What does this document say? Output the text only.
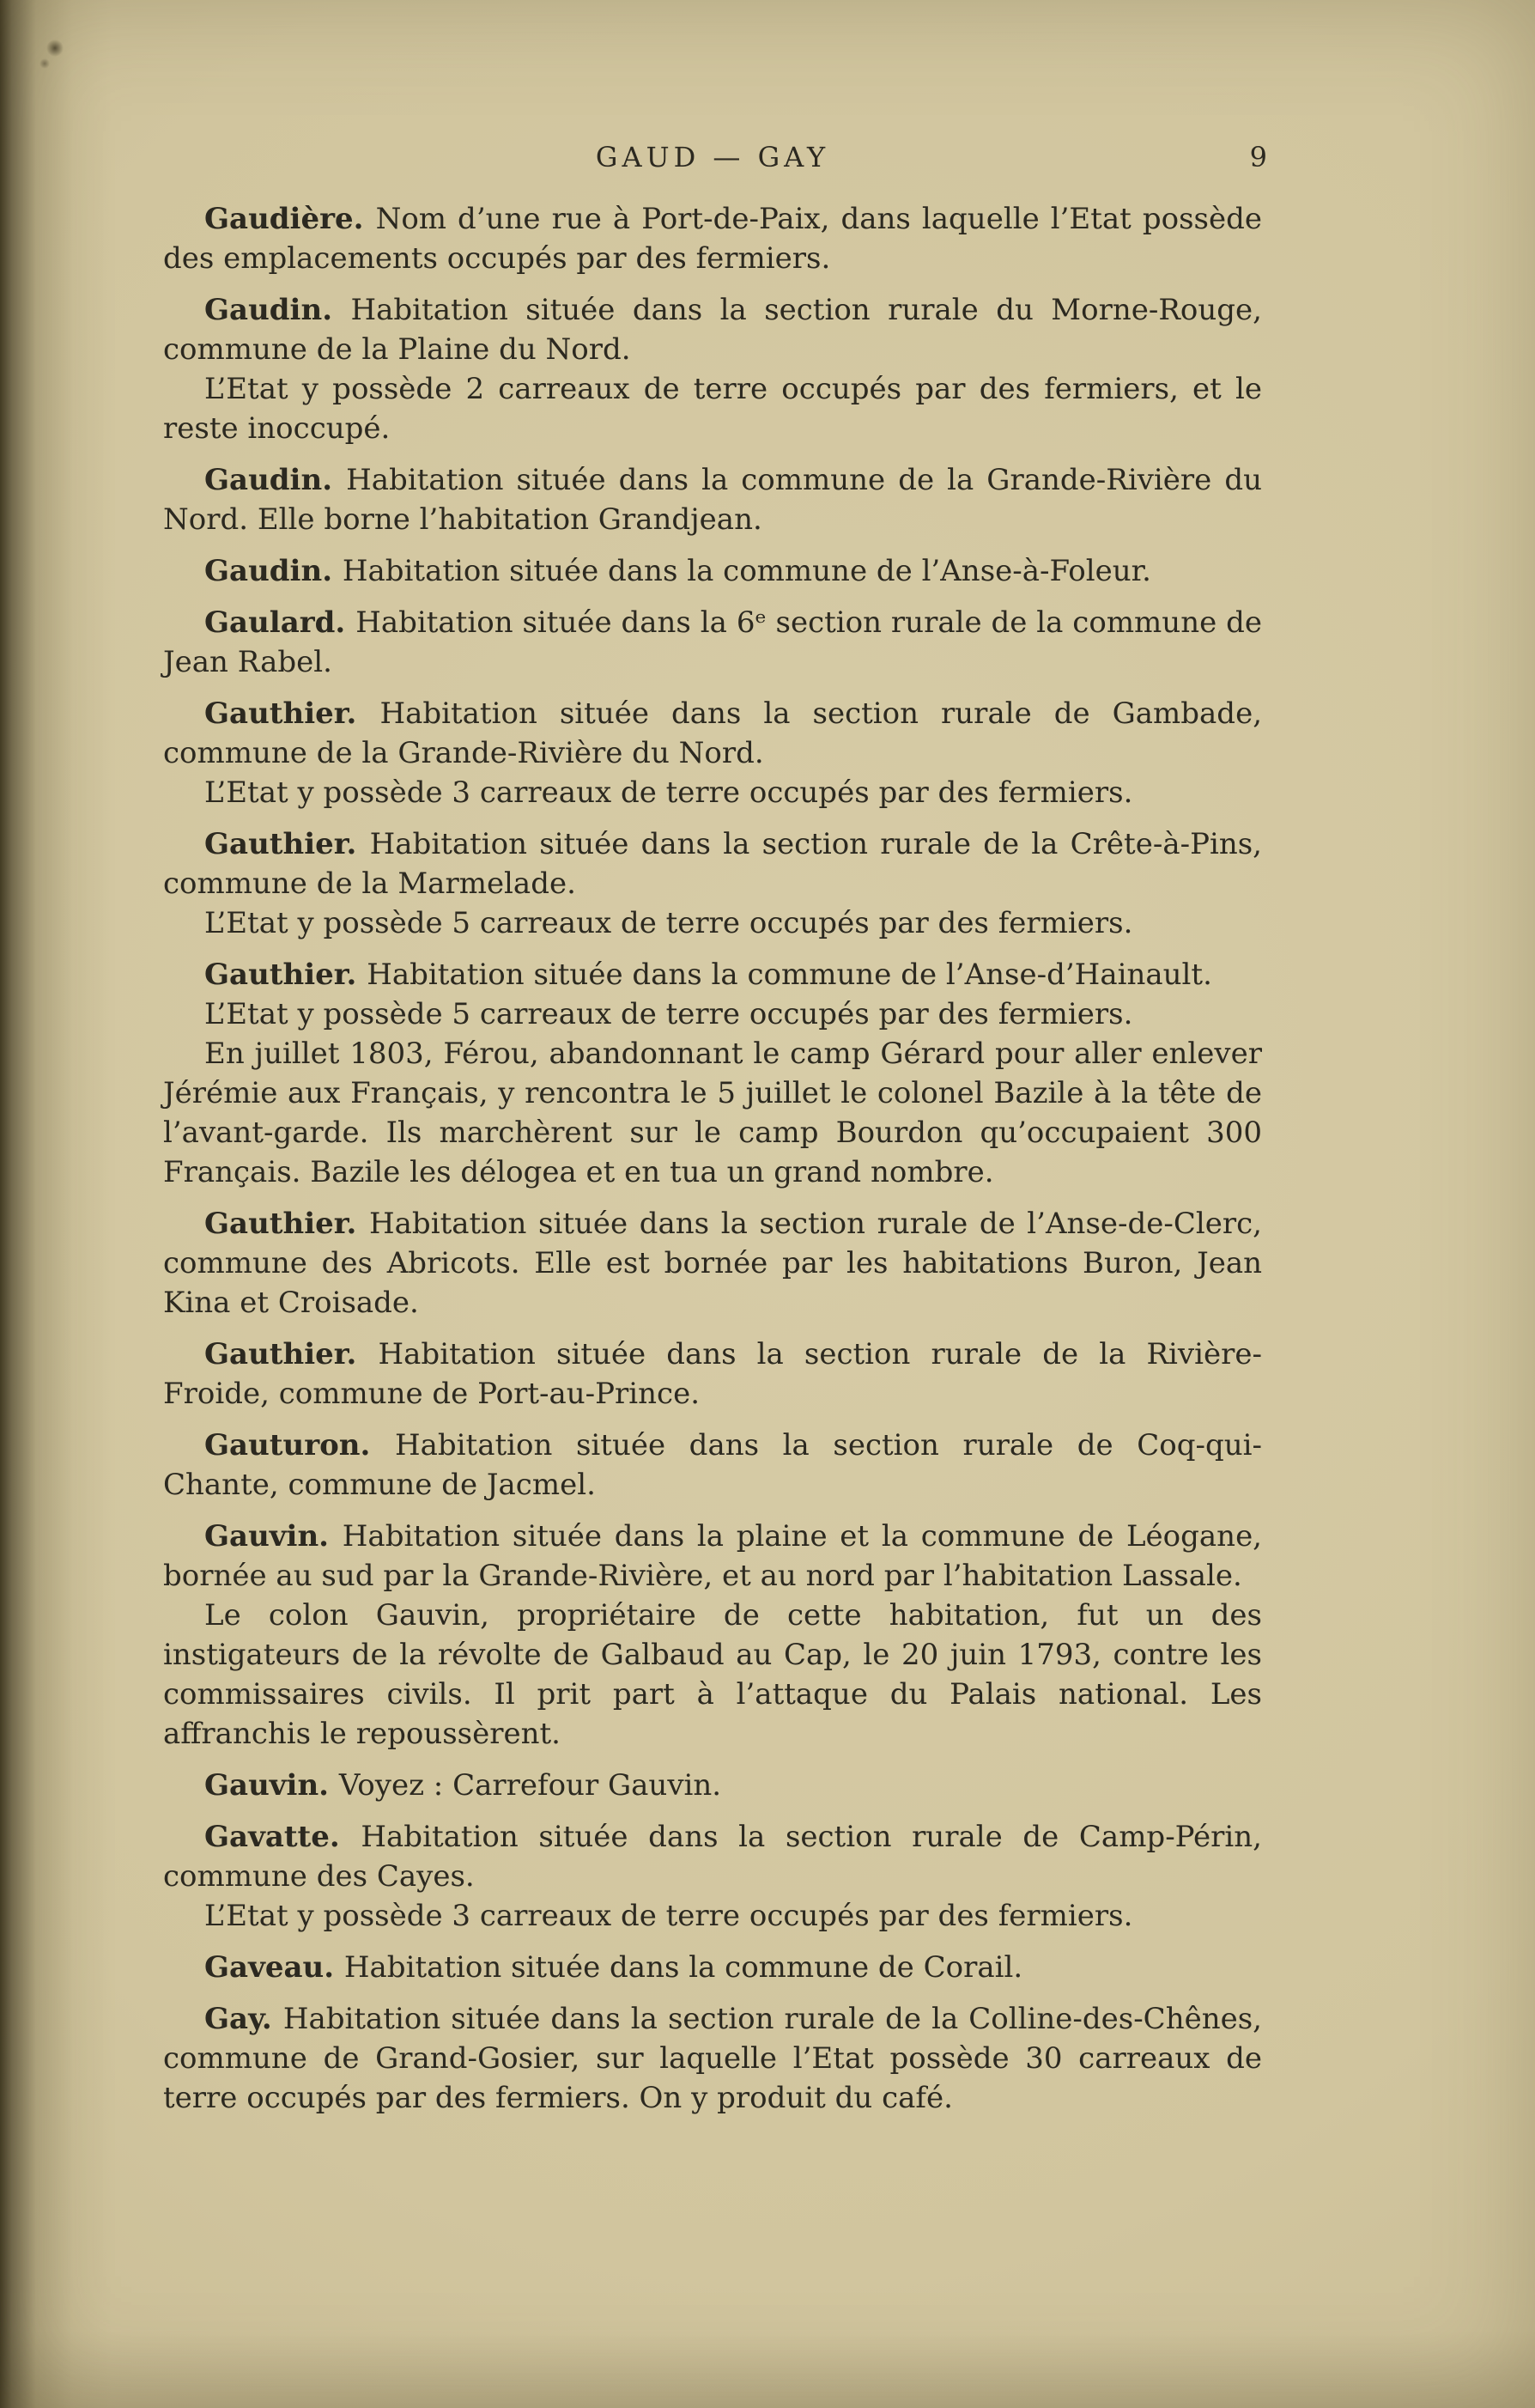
GAUD — GAY	9

Gaudière. Nom d’une rue à Port-de-Paix, dans laquelle l’Etat possède des emplacements occupés par des fermiers.

Gaudin. Habitation située dans la section rurale du Morne-Rouge, commune de la Plaine du Nord.

L’Etat y possède 2 carreaux de terre occupés par des fermiers, et le reste inoccupé.

Gaudin. Habitation située dans la commune de la Grande-Rivière du Nord. Elle borne l’habitation Grandjean.

Gaudin. Habitation située dans la commune de l’Anse-à-Foleur.

Gaulard. Habitation située dans la 6ᵉ section rurale de la commune de Jean Rabel.

Gauthier. Habitation située dans la section rurale de Gambade, commune de la Grande-Rivière du Nord.

L’Etat y possède 3 carreaux de terre occupés par des fermiers.

Gauthier. Habitation située dans la section rurale de la Crête-à-Pins, commune de la Marmelade.

L’Etat y possède 5 carreaux de terre occupés par des fermiers.

Gauthier. Habitation située dans la commune de l’Anse-d’Hainault.

L’Etat y possède 5 carreaux de terre occupés par des fermiers.

En juillet 1803, Férou, abandonnant le camp Gérard pour aller enlever Jérémie aux Français, y rencontra le 5 juillet le colonel Bazile à la tête de l’avant-garde. Ils marchèrent sur le camp Bourdon qu’occupaient 300 Français. Bazile les délogea et en tua un grand nombre.

Gauthier. Habitation située dans la section rurale de l’Anse-de-Clerc, commune des Abricots. Elle est bornée par les habitations Buron, Jean Kina et Croisade.

Gauthier. Habitation située dans la section rurale de la Rivière-Froide, commune de Port-au-Prince.

Gauturon. Habitation située dans la section rurale de Coq-qui-Chante, commune de Jacmel.

Gauvin. Habitation située dans la plaine et la commune de Léogane, bornée au sud par la Grande-Rivière, et au nord par l’habitation Lassale.

Le colon Gauvin, propriétaire de cette habitation, fut un des instigateurs de la révolte de Galbaud au Cap, le 20 juin 1793, contre les commissaires civils. Il prit part à l’attaque du Palais national. Les affranchis le repoussèrent.

Gauvin. Voyez : Carrefour Gauvin.

Gavatte. Habitation située dans la section rurale de Camp-Périn, commune des Cayes.

L’Etat y possède 3 carreaux de terre occupés par des fermiers.

Gaveau. Habitation située dans la commune de Corail.

Gay. Habitation située dans la section rurale de la Colline-des-Chênes, commune de Grand-Gosier, sur laquelle l’Etat possède 30 carreaux de terre occupés par des fermiers. On y produit du café.
